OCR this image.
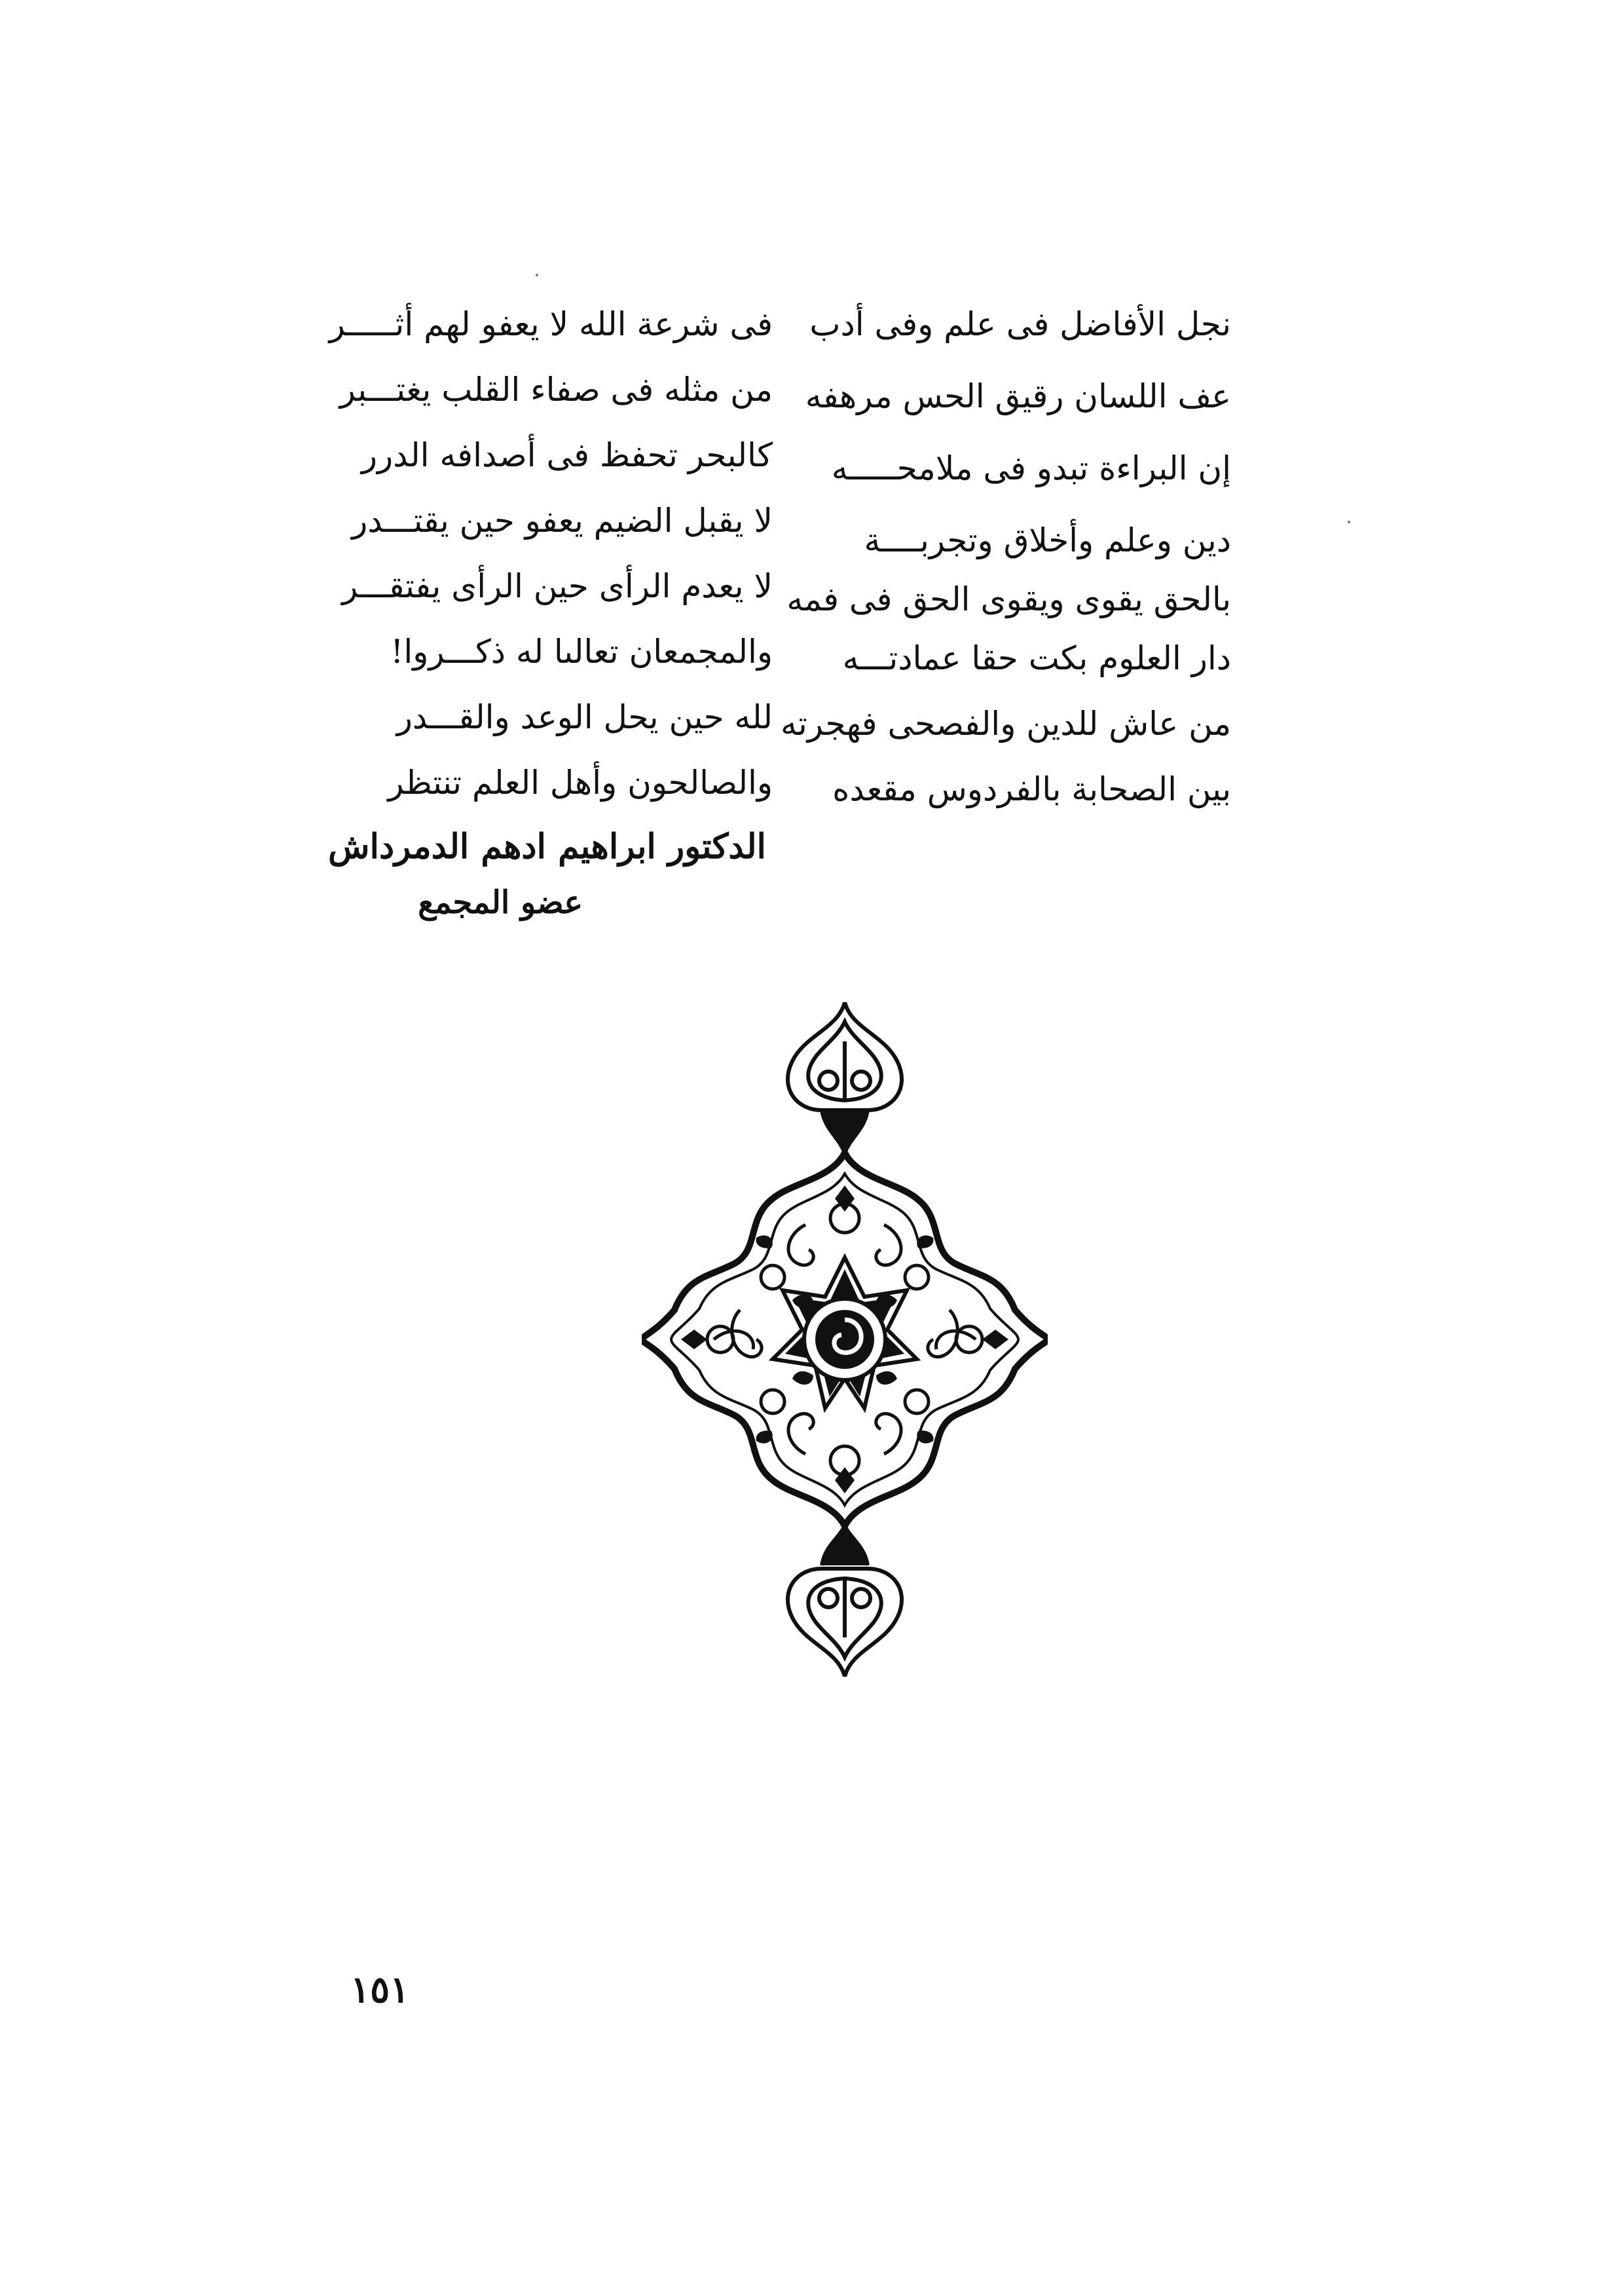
نجل الأفاضل فى علم وفى أدب
عف اللسان رقيق الحس مرهفه
إن البراءة تبدو فى ملامحـــــه
دين وعلم وأخلاق وتجربــــة
بالحق يقوى ويقوى الحق فى فمه
دار العلوم بكت حقا عمادتـــه
من عاش للدين والفصحى فهجرته
بين الصحابة بالفردوس مقعده
فى شرعة الله لا يعفو لهم أثـــــر
من مثله فى صفاء القلب يغتـــبر
كالبحر تحفظ فى أصدافه الدرر
لا يقبل الضيم يعفو حين يقتـــدر
لا يعدم الرأى حين الرأى يفتقـــر
والمجمعان تعالىا له ذكـــروا!
لله حين يحل الوعد والقـــدر
والصالحون وأهل العلم تنتظر
الدكتور ابراهيم ادهم الدمرداش
عضو المجمع
١٥١
